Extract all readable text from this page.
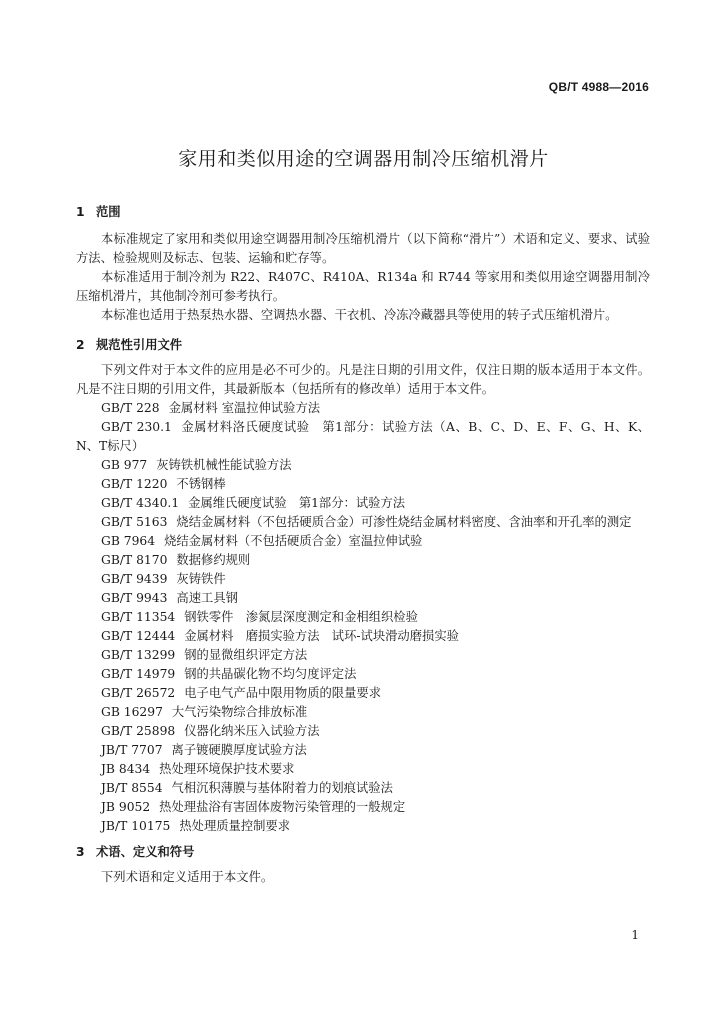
QB/T 4988—2016
家用和类似用途的空调器用制冷压缩机滑片
1 范围

本标准规定了家用和类似用途空调器用制冷压缩机滑片（以下简称“滑片”）术语和定义、要求、试验方法、检验规则及标志、包装、运输和贮存等。

本标准适用于制冷剂为 R22、R407C、R410A、R134a 和 R744 等家用和类似用途空调器用制冷压缩机滑片，其他制冷剂可参考执行。

本标准也适用于热泵热水器、空调热水器、干衣机、冷冻冷藏器具等使用的转子式压缩机滑片。

2 规范性引用文件

下列文件对于本文件的应用是必不可少的。凡是注日期的引用文件，仅注日期的版本适用于本文件。凡是不注日期的引用文件，其最新版本（包括所有的修改单）适用于本文件。

GB/T 228 金属材料 室温拉伸试验方法
GB/T 230.1 金属材料洛氏硬度试验　第1部分：试验方法（A、B、C、D、E、F、G、H、K、N、T标尺）
GB 977 灰铸铁机械性能试验方法
GB/T 1220 不锈钢棒
GB/T 4340.1 金属维氏硬度试验　第1部分：试验方法
GB/T 5163 烧结金属材料（不包括硬质合金）可渗性烧结金属材料密度、含油率和开孔率的测定
GB 7964 烧结金属材料（不包括硬质合金）室温拉伸试验
GB/T 8170 数据修约规则
GB/T 9439 灰铸铁件
GB/T 9943 高速工具钢
GB/T 11354 钢铁零件　渗氮层深度测定和金相组织检验
GB/T 12444 金属材料　磨损实验方法　试环-试块滑动磨损实验
GB/T 13299 钢的显微组织评定方法
GB/T 14979 钢的共晶碳化物不均匀度评定法
GB/T 26572 电子电气产品中限用物质的限量要求
GB 16297 大气污染物综合排放标准
GB/T 25898 仪器化纳米压入试验方法
JB/T 7707 离子镀硬膜厚度试验方法
JB 8434 热处理环境保护技术要求
JB/T 8554 气相沉积薄膜与基体附着力的划痕试验法
JB 9052 热处理盐浴有害固体废物污染管理的一般规定
JB/T 10175 热处理质量控制要求
3 术语、定义和符号

下列术语和定义适用于本文件。

1
